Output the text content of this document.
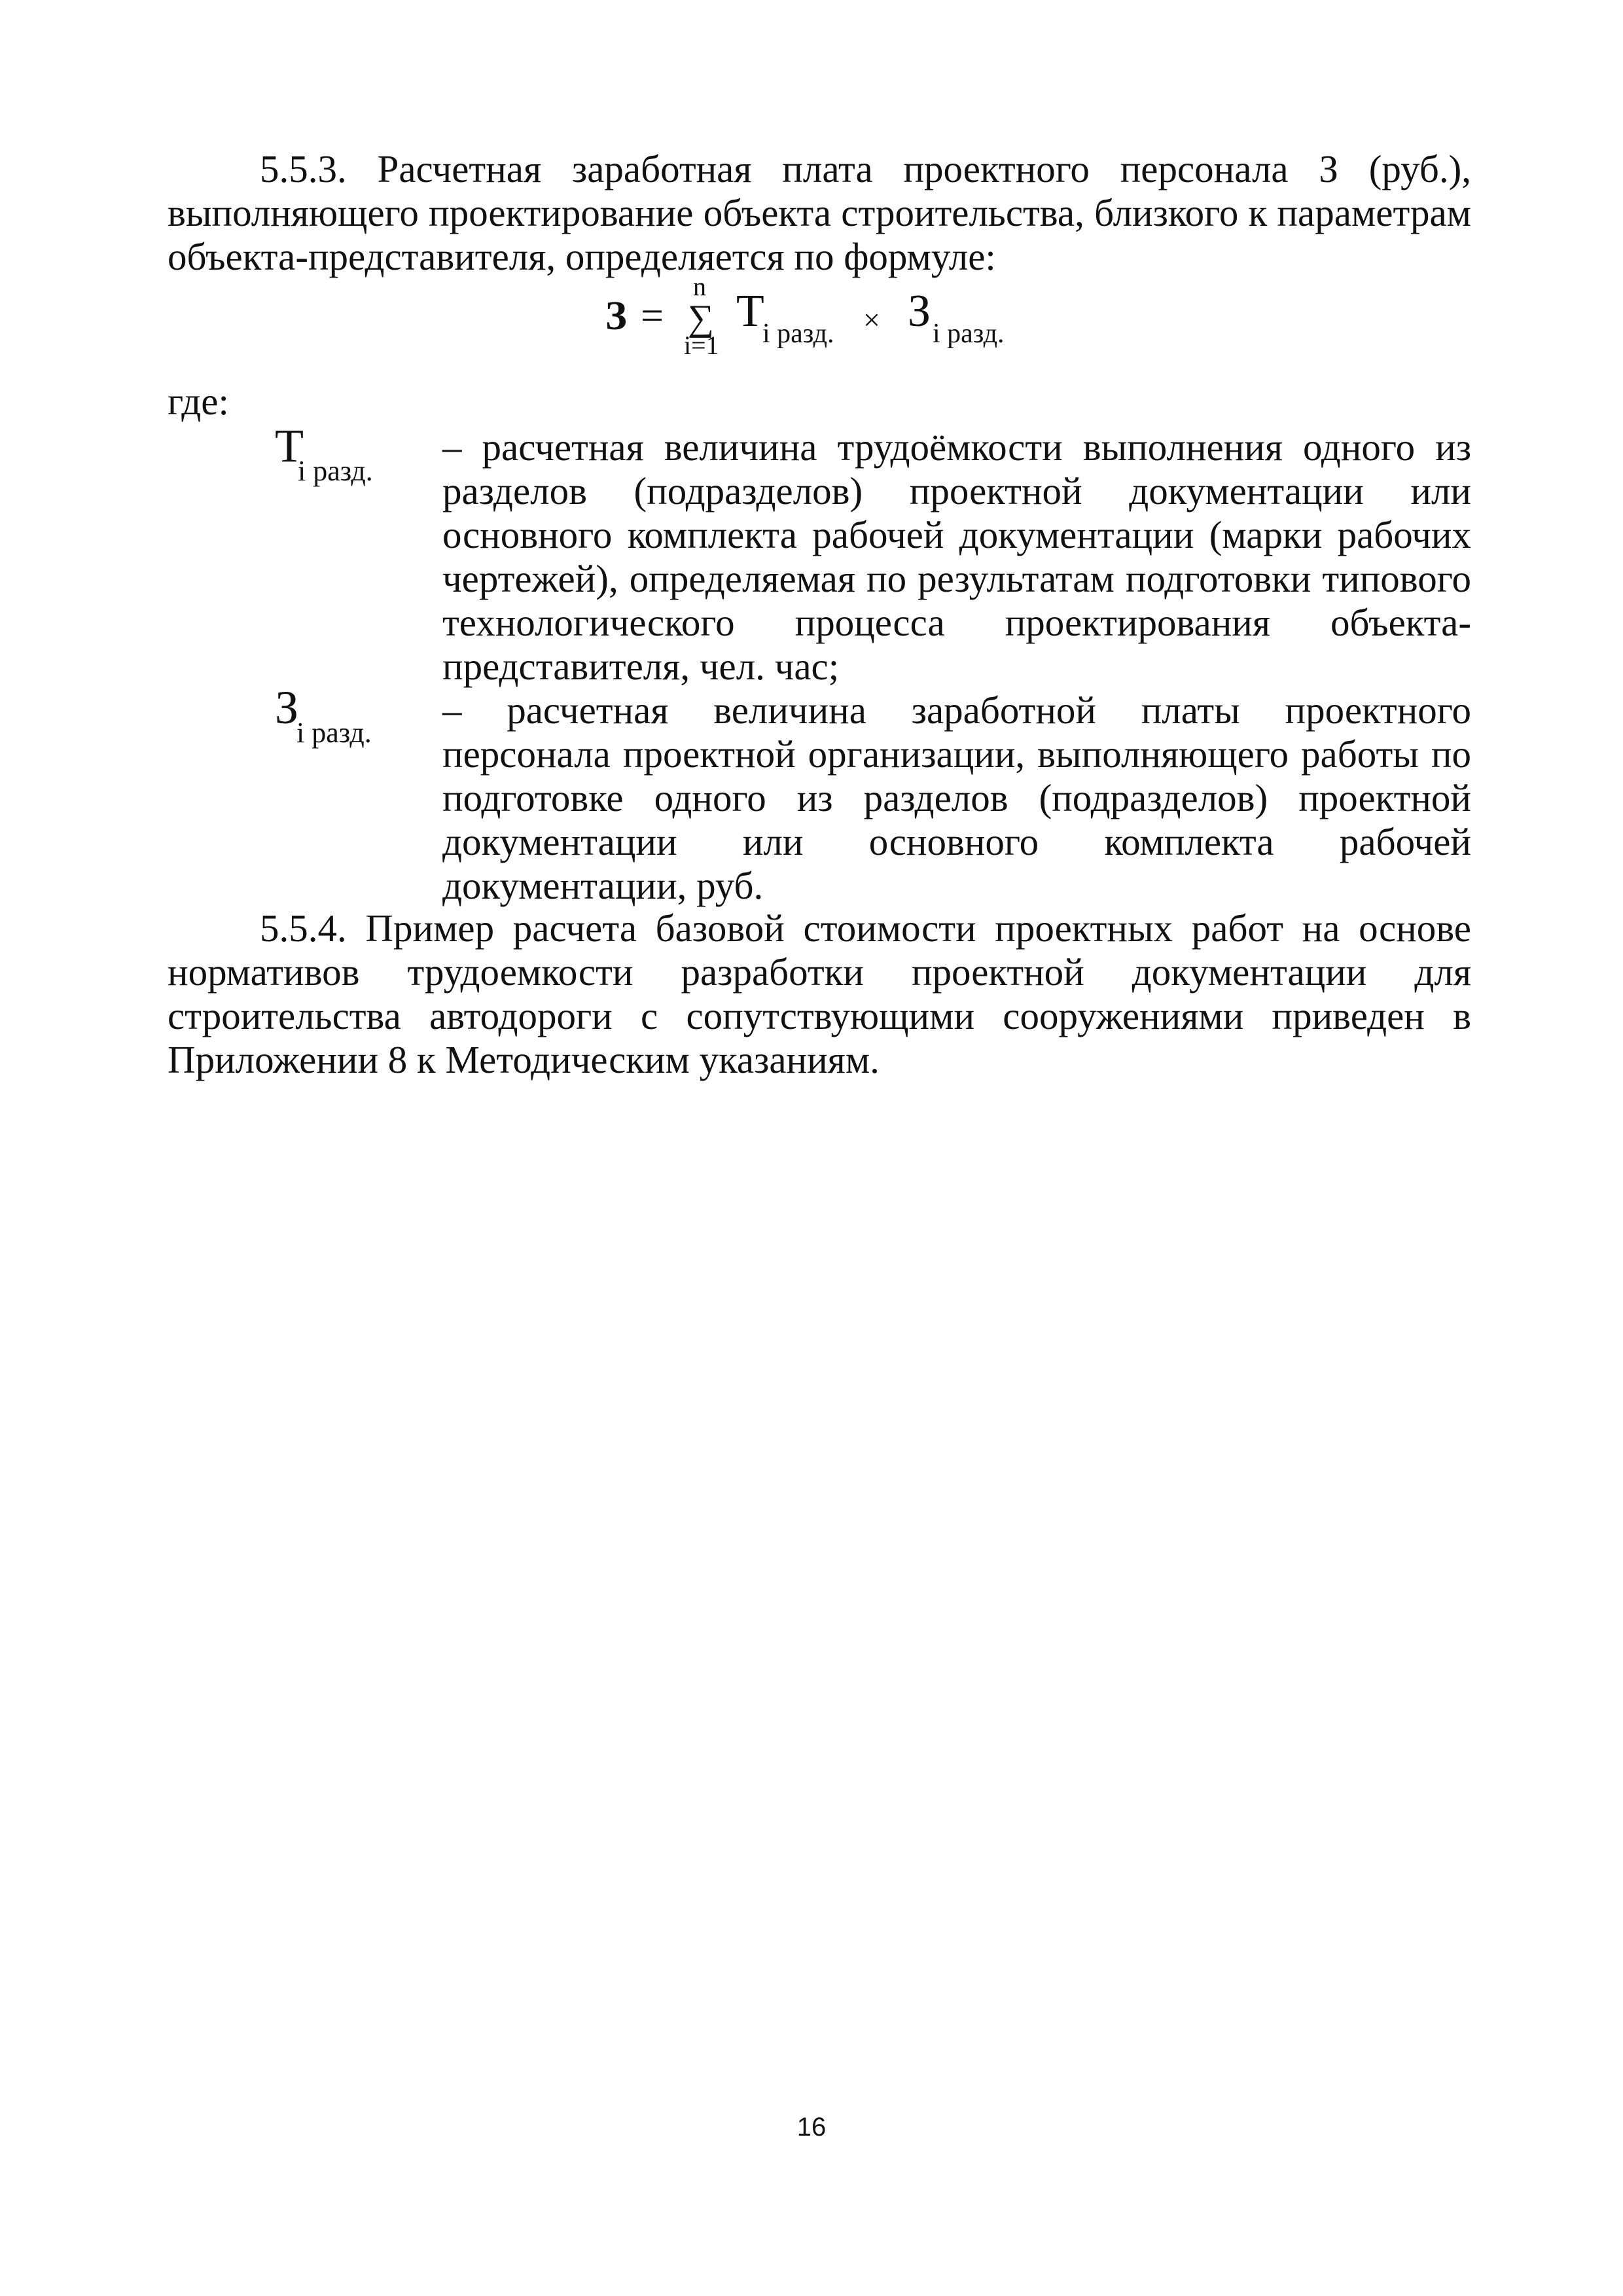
5.5.3. Расчетная заработная плата проектного персонала З (руб.), выполняющего проектирование объекта строительства, близкого к параметрам объекта-представителя, определяется по формуле:

З =
n
∑
i=1
Т
i разд. × З i разд.

где:

Т
i разд.

– расчетная величина трудоёмкости выполнения одного из разделов (подразделов) проектной документации или основного комплекта рабочей документации (марки рабочих чертежей), определяемая по результатам подготовки типового технологического процесса проектирования объекта-представителя, чел. час;

З
i разд.

– расчетная величина заработной платы проектного персонала проектной организации, выполняющего работы по подготовке одного из разделов (подразделов) проектной документации или основного комплекта рабочей документации, руб.

5.5.4. Пример расчета базовой стоимости проектных работ на основе нормативов трудоемкости разработки проектной документации для строительства автодороги с сопутствующими сооружениями приведен в Приложении 8 к Методическим указаниям.

16
